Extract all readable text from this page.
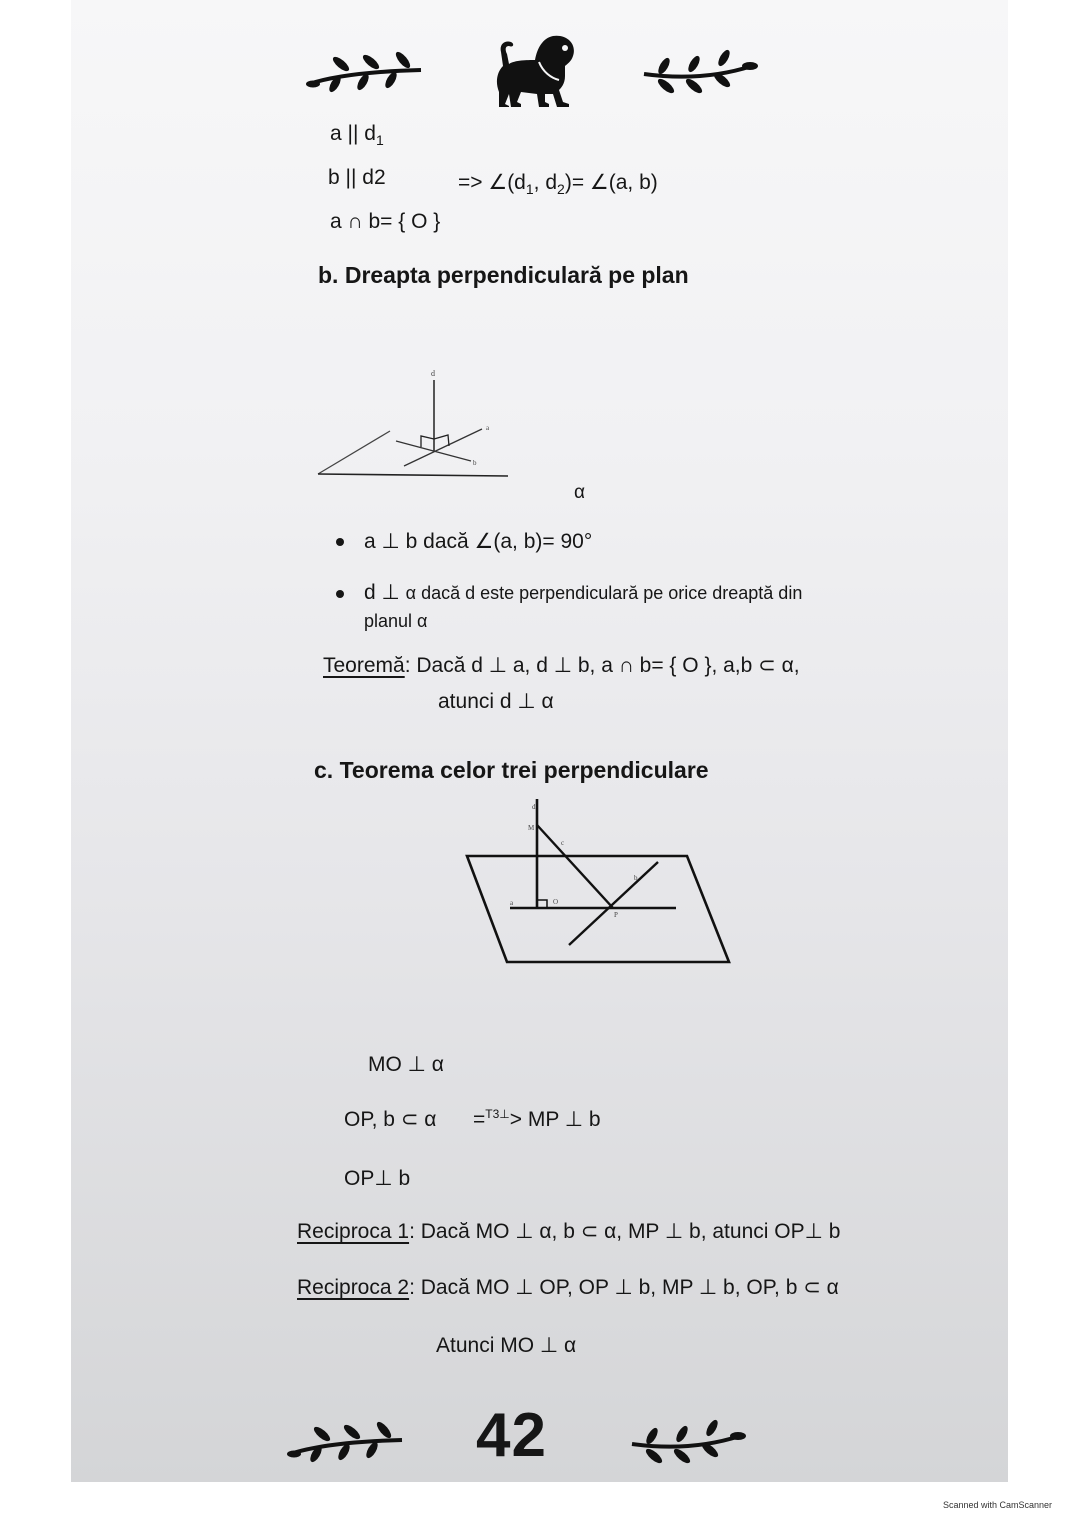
a || $d_1$
b || d2	=> $\angle(d_1$, $d_2)=$ ∠(a, b)
a ∩ b= { O }
b. Dreapta perpendiculară pe plan
d
a
b
α
a ⊥ b dacă ∠(a, b)= 90°
d ⊥ α dacă d este perpendiculară pe orice dreaptă din
planul α
Teoremă: Dacă d ⊥ a, d ⊥ b, a ∩ b= { O }, a,b ⊂ α,
atunci d ⊥ α
c. Teorema celor trei perpendiculare
d
M
c
b
a	O
P
MO ⊥ α
OP, b ⊂ α =$^{T3\perp}$> MP ⊥ b
OP⊥ b
Reciproca 1: Dacă MO ⊥ α, b ⊂ α, MP ⊥ b, atunci OP⊥ b
Reciproca 2: Dacă MO ⊥ OP, OP ⊥ b, MP ⊥ b, OP, b ⊂ α
Atunci MO ⊥ α
42
Scanned with CamScanner
